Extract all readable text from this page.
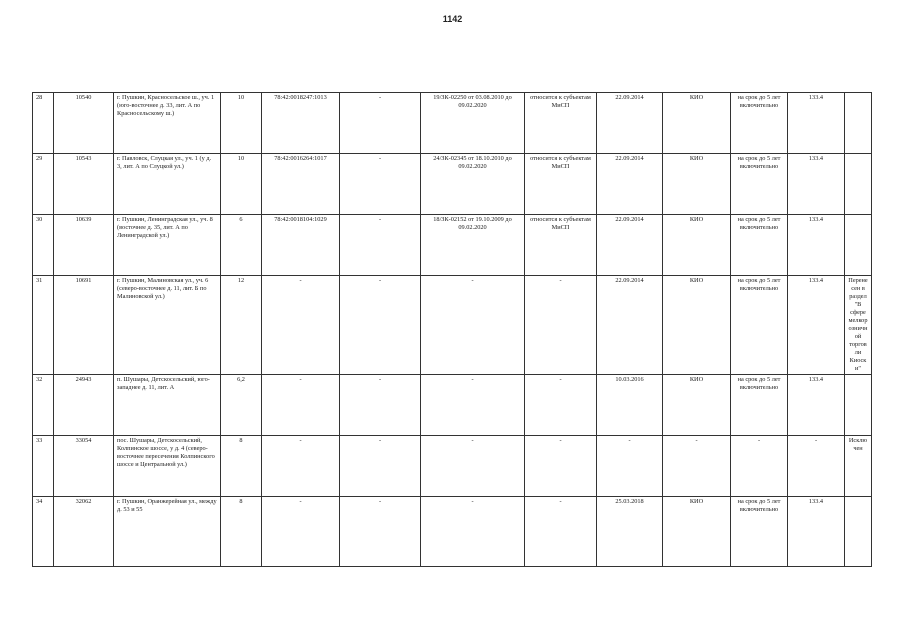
1142
28	10540	г. Пушкин, Красносельское ш., уч. 1 (юго-восточнее д. 33, лит. А по Красносельскому ш.)	10	78:42:0018247:1013	-	19/ЗК-02250 от 03.08.2010 до 09.02.2020	относится к субъектам МиСП	22.09.2014	КИО	на срок до 5 лет включительно	133.4	
29	10543	г. Павловск, Слуцкая ул., уч. 1 (у д. 3, лит. А по Слуцкой ул.)	10	78:42:0016264:1017	-	24/ЗК-02345 от 18.10.2010 до 09.02.2020	относится к субъектам МиСП	22.09.2014	КИО	на срок до 5 лет включительно	133.4	
30	10639	г. Пушкин, Ленинградская ул., уч. 8 (восточнее д. 35, лит. А по Ленинградской ул.)	6	78:42:0018104:1029	-	18/ЗК-02152 от 19.10.2009 до 09.02.2020	относится к субъектам МиСП	22.09.2014	КИО	на срок до 5 лет включительно	133.4	
31	10691	г. Пушкин, Малиновская ул., уч. 6 (северо-восточнее д. 11, лит. Б по Малиновской ул.)	12	-	-	-	-	22.09.2014	КИО	на срок до 5 лет включительно	133.4	Перенесен в раздел "В сфере мелкорозничной торговли Киоски"
32	24943	п. Шушары, Детскосельский, юго-западнее д. 11, лит. А	6,2	-	-	-	-	10.03.2016	КИО	на срок до 5 лет включительно	133.4	
33	33054	пос. Шушары, Детскосельский, Колпинское шоссе, у д. 4 (северо-восточнее пересечения Колпинского шоссе и Центральной ул.)	8	-	-	-	-	-	-	-	-	Исключен
34	32062	г. Пушкин, Оранжерейная ул., между д. 53 и 55	8	-	-	-	-	25.03.2018	КИО	на срок до 5 лет включительно	133.4	
